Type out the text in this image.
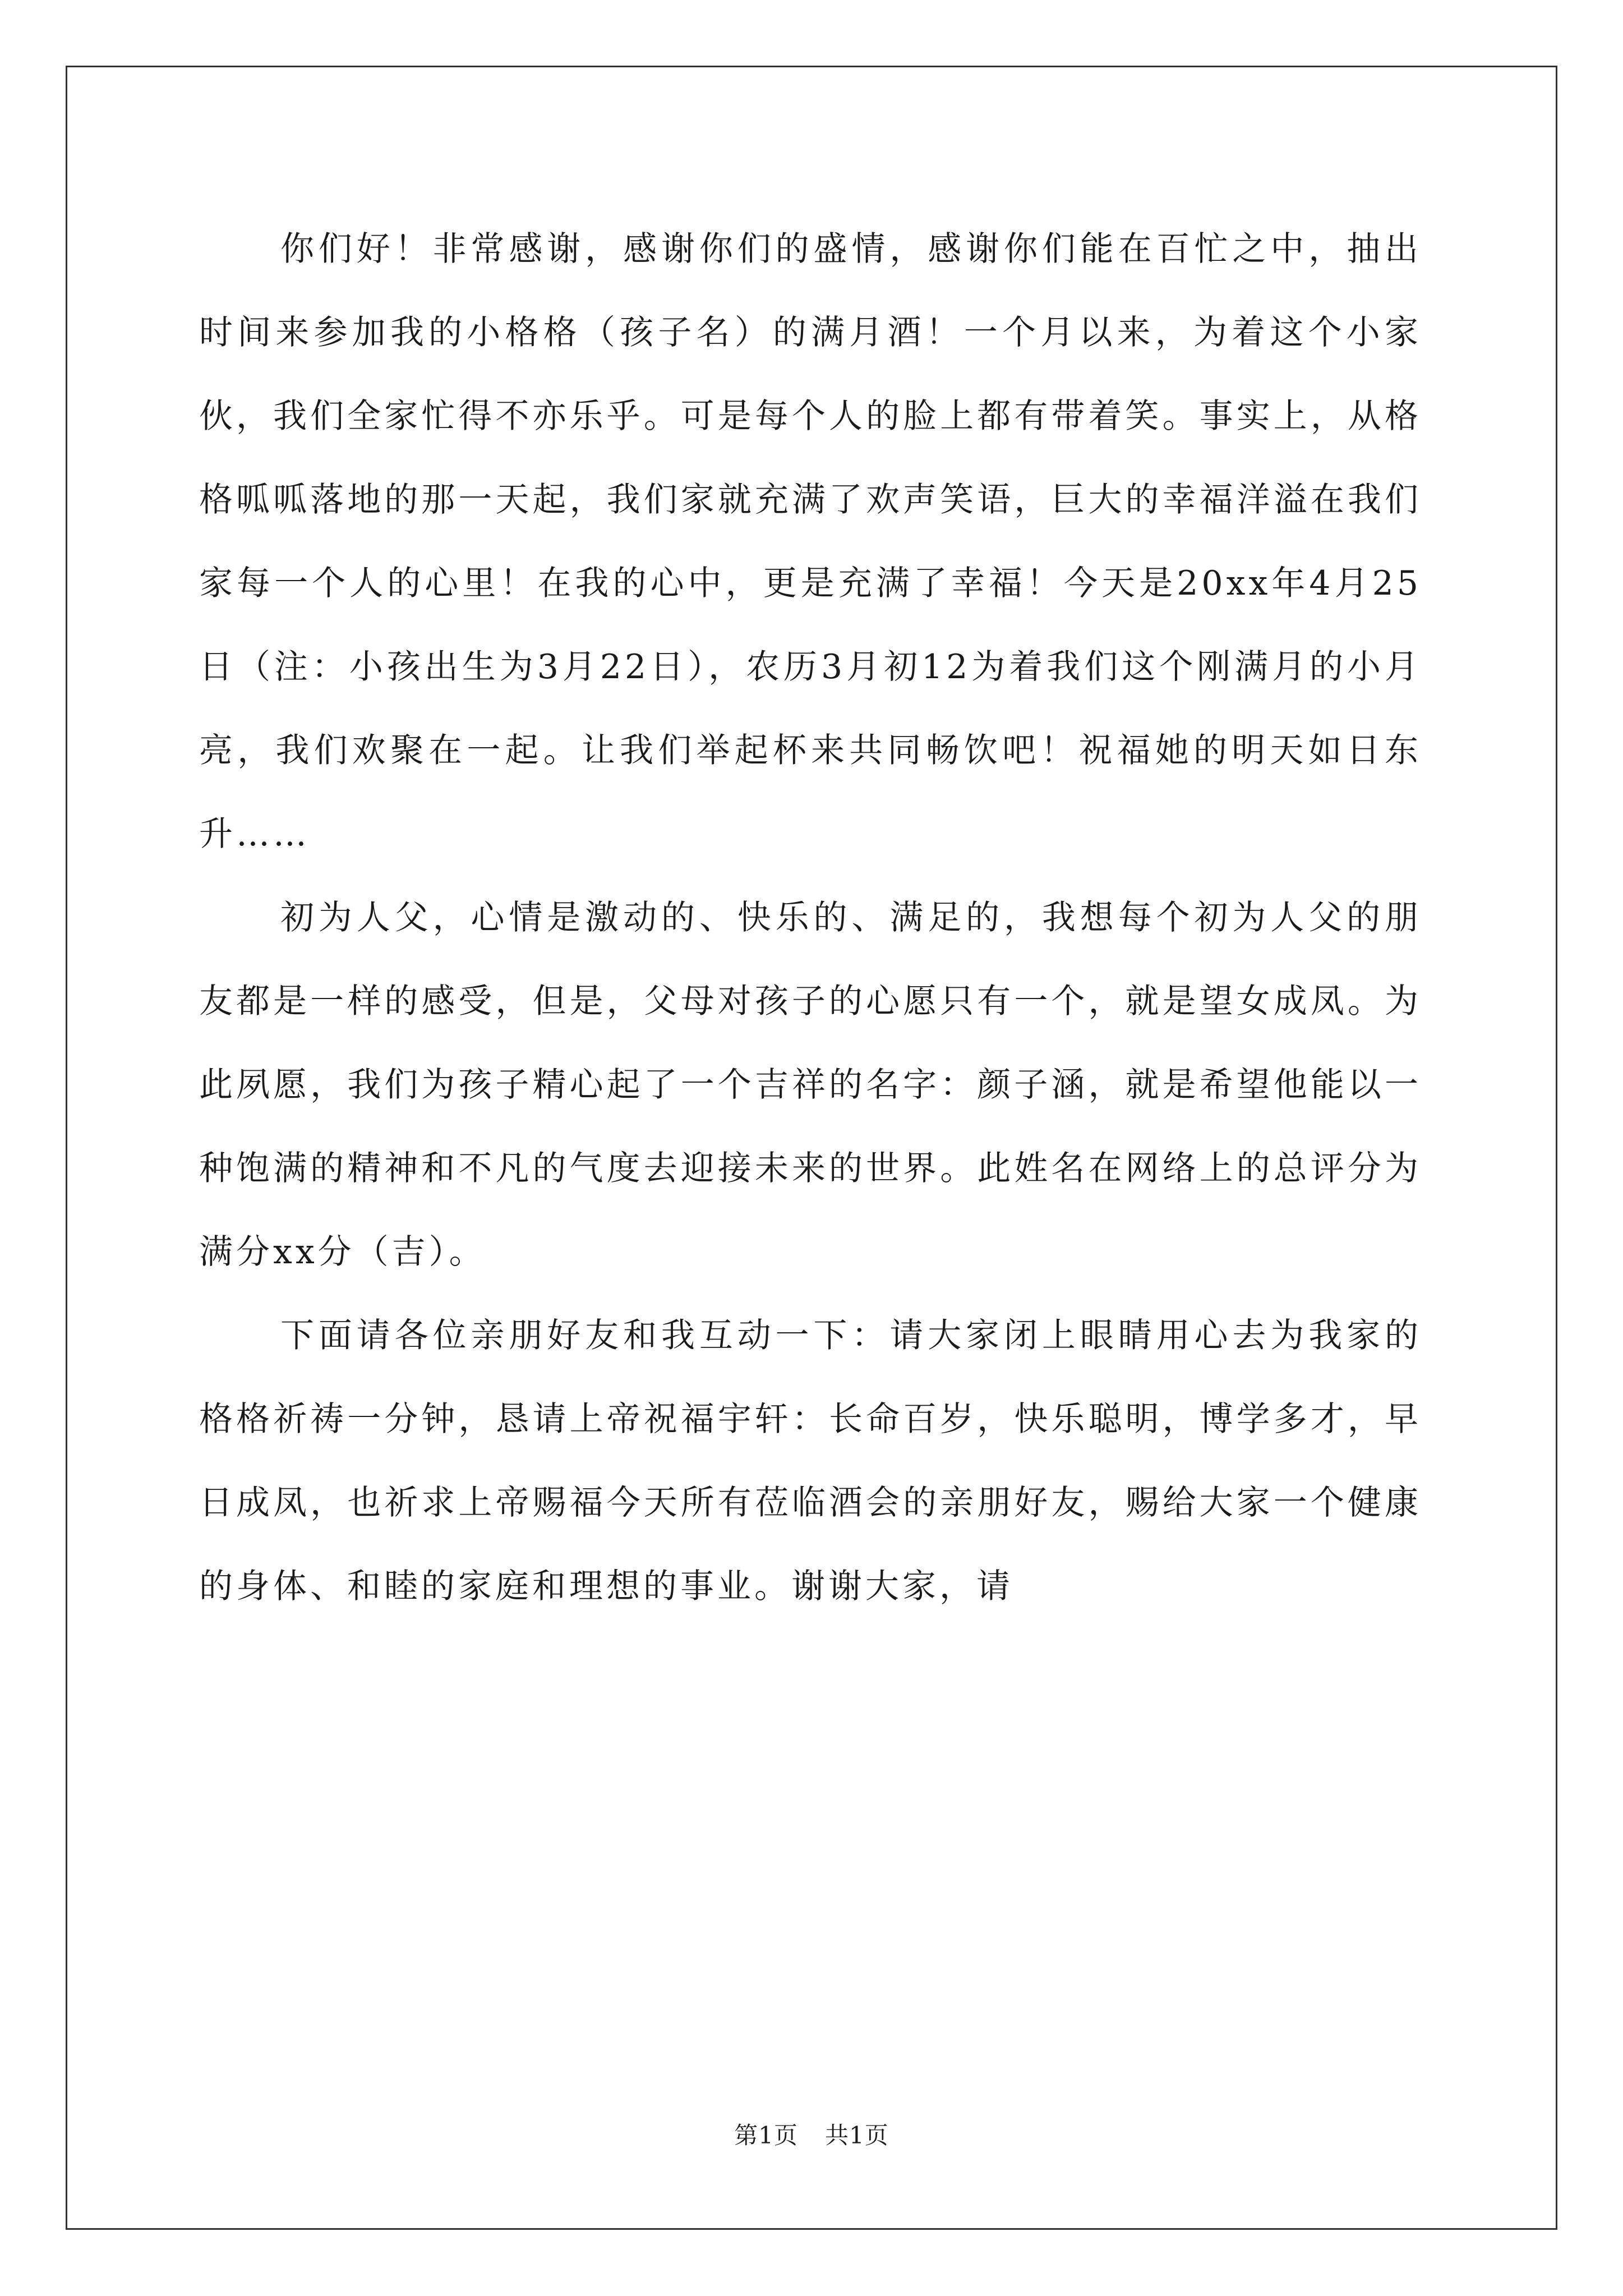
你们好！非常感谢，感谢你们的盛情，感谢你们能在百忙之中，抽出时间来参加我的小格格（孩子名）的满月酒！一个月以来，为着这个小家伙，我们全家忙得不亦乐乎。可是每个人的脸上都有带着笑。事实上，从格格呱呱落地的那一天起，我们家就充满了欢声笑语，巨大的幸福洋溢在我们家每一个人的心里！在我的心中，更是充满了幸福！今天是20xx年4月25日（注：小孩出生为3月22日），农历3月初12为着我们这个刚满月的小月亮，我们欢聚在一起。让我们举起杯来共同畅饮吧！祝福她的明天如日东升……

初为人父，心情是激动的、快乐的、满足的，我想每个初为人父的朋友都是一样的感受，但是，父母对孩子的心愿只有一个，就是望女成凤。为此夙愿，我们为孩子精心起了一个吉祥的名字：颜子涵，就是希望他能以一种饱满的精神和不凡的气度去迎接未来的世界。此姓名在网络上的总评分为满分xx分（吉）。

下面请各位亲朋好友和我互动一下：请大家闭上眼睛用心去为我家的格格祈祷一分钟，恳请上帝祝福宇轩：长命百岁，快乐聪明，博学多才，早日成凤，也祈求上帝赐福今天所有莅临酒会的亲朋好友，赐给大家一个健康的身体、和睦的家庭和理想的事业。谢谢大家，请

第1页 共1页
